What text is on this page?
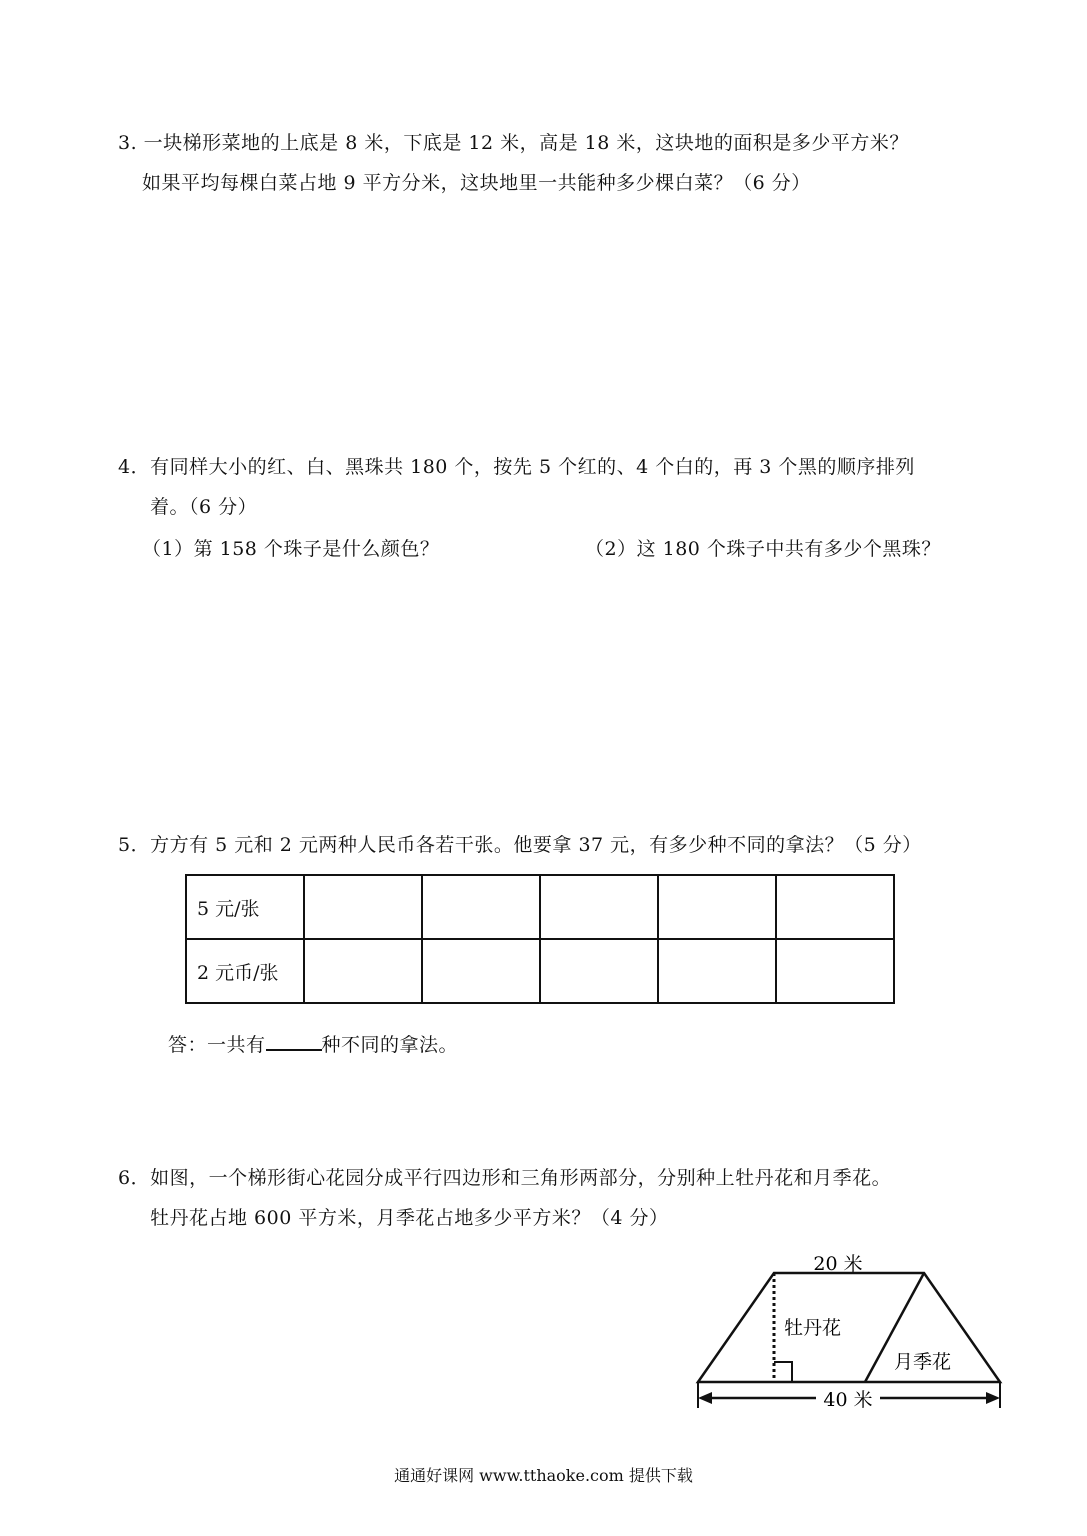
3. 一块梯形菜地的上底是 8 米，下底是 12 米，高是 18 米，这块地的面积是多少平方米？
如果平均每棵白菜占地 9 平方分米，这块地里一共能种多少棵白菜？（6 分）
4．有同样大小的红、白、黑珠共 180 个，按先 5 个红的、4 个白的，再 3 个黑的顺序排列
着。（6 分）
（1）第 158 个珠子是什么颜色？	（2）这 180 个珠子中共有多少个黑珠？
5．方方有 5 元和 2 元两种人民币各若干张。他要拿 37 元，有多少种不同的拿法？（5 分）
5 元/张					
2 元币/张					
答：一共有	种不同的拿法。
6．如图，一个梯形街心花园分成平行四边形和三角形两部分，分别种上牡丹花和月季花。
牡丹花占地 600 平方米，月季花占地多少平方米？（4 分）
20 米
40 米
牡丹花
月季花
通通好课网 www.tthaoke.com 提供下载
